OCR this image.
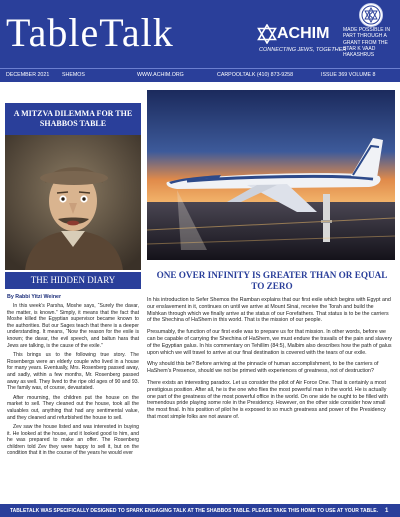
TableTalk	ACHIM
CONNECTING JEWS, TOGETHER
MADE POSSIBLE IN PART THROUGH A GRANT FROM THE STAR K VAAD HAKASHRUS
DECEMBER 2021 SHEMOS	WWW.ACHIM.ORG	CARPOOLTALK (410) 873-9258	ISSUE 369 VOLUME 8

A MITZVA DILEMMA FOR THE SHABBOS TABLE

THE HIDDEN DIARY

By Rabbi Yitzi Weiner

In this week’s Parsha, Moshe says, “Surely the davar, the matter, is known.” Simply, it means that the fact that Moshe killed the Egyptian supervisor became known to the authorities. But our Sages teach that there is a deeper understanding. It means, “Now the reason for the exile is known; the davar, the evil speech, and baltun hara that Jews are talking, is the cause of the exile.”

This brings us to the following true story. The Rosenbergs were an elderly couple who lived in a house for many years. Eventually, Mrs. Rosenberg passed away, and sadly, within a few months, Mr. Rosenberg passed away as well. They lived to the ripe old ages of 90 and 93. The family was, of course, devastated.

After mourning, the children put the house on the market to sell. They cleaned out the house, took all the valuables out, anything that had any sentimental value, and they cleaned and refurbished the house to sell.

Zev saw the house listed and was interested in buying it. He looked at the house, and it looked good to him, and he was prepared to make an offer. The Rosenberg children told Zev they were happy to sell it, but on the condition that it in the course of the years he would ever

ONE OVER INFINITY IS GREATER THAN OR EQUAL TO ZERO

In his introduction to Sefer Shemos the Ramban explains that our first exile which begins with Egypt and our enslavement in it, continues on until we arrive at Mount Sinai, receive the Torah and build the Mishkan through which we finally arrive at the status of our Forefathers. That status is to be the carriers of the Shechina of HaShem in this world. That is the mission of our people.

Presumably, the function of our first exile was to prepare us for that mission. In other words, before we can be capable of carrying the Shechina of HaShem, we must endure the travails of the pain and slavery of the Egyptian galus. In his commentary on Tehillim (84:5), Malbim also describes how the path of galus upon which we will travel to arrive at our final destination is covered with the tears of our exile.

Why should this be? Before arriving at the pinnacle of human accomplishment, to be the carriers of HaShem’s Presence, should we not be primed with experiences of greatness, not of destruction?

There exists an interesting paradox. Let us consider the pilot of Air Force One. That is certainly a most prestigious position. After all, he is the one who flies the most powerful man in the world. He is actually one part of the greatness of the most powerful office in the world. On one side he ought to be filled with tremendous pride playing some role in the Presidency. However, on the other side consider how small the most final. In his position of pilot he is exposed to so much greatness and power of the Presidency that most simple folks are not aware of.

TABLETALK WAS SPECIFICALLY DESIGNED TO SPARK ENGAGING TALK AT THE SHABBOS TABLE. PLEASE TAKE THIS HOME TO USE AT YOUR TABLE. 1
